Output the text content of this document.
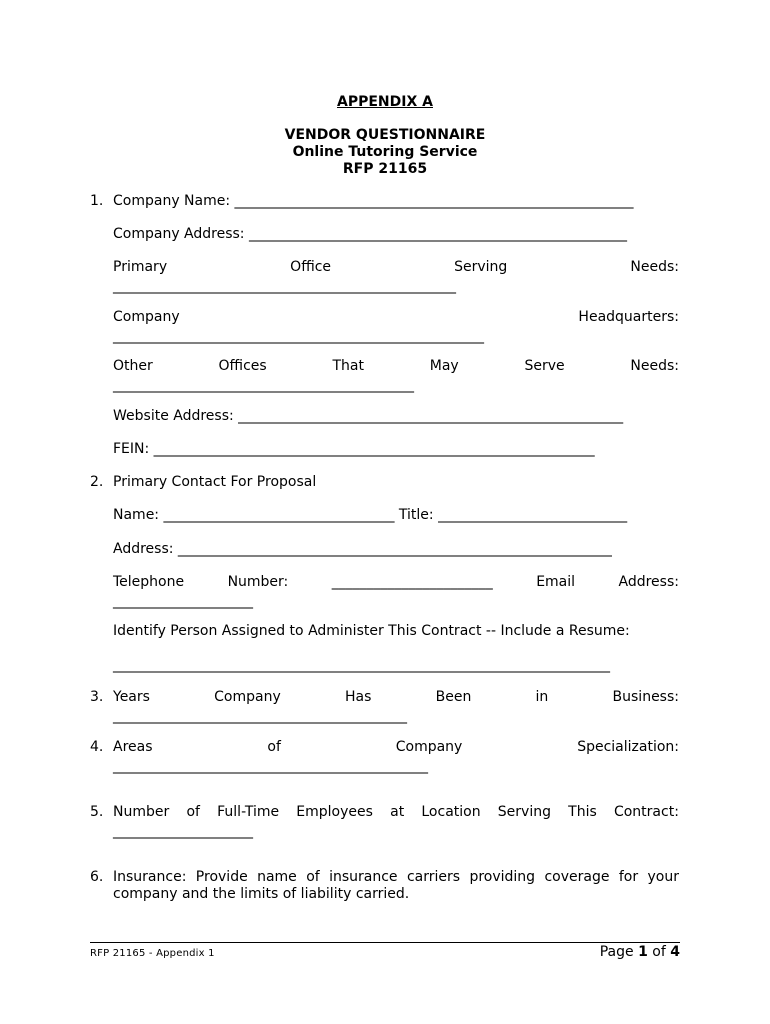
APPENDIX A
VENDOR QUESTIONNAIRE
Online Tutoring Service
RFP 21165
1. Company Name: _________________________________________________________
Company Address: ______________________________________________________
Primary	Office	Serving	Needs:
_________________________________________________
Company	Headquarters:
_____________________________________________________
Other	Offices	That	May	Serve	Needs:
___________________________________________
Website Address: _______________________________________________________
FEIN: _______________________________________________________________
2. Primary Contact For Proposal
Name: _________________________________ Title: ___________________________
Address: ______________________________________________________________
Telephone	Number:	_______________________	Email	Address:
____________________
Identify Person Assigned to Administer This Contract -- Include a Resume:
_______________________________________________________________________
3. Years	Company	Has	Been	in	Business:
__________________________________________
4. Areas	of	Company	Specialization:
_____________________________________________
5. Number of Full-Time Employees at Location Serving This Contract:
____________________
6. Insurance: Provide name of insurance carriers providing coverage for your company and the limits of liability carried.
RFP 21165 - Appendix 1	Page 1 of 4
